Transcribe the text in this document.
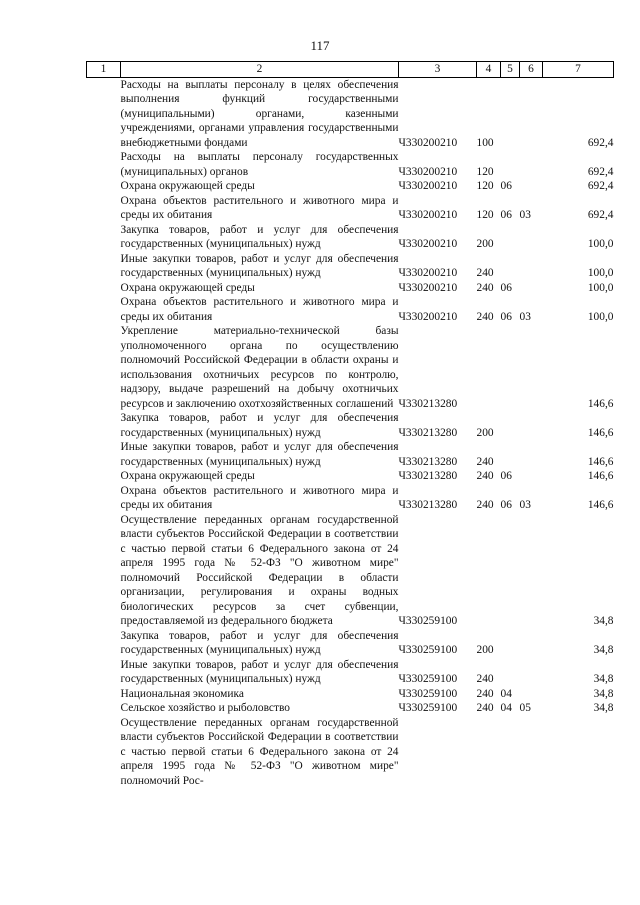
117
1	2	3	4	5	6	7
	Расходы на выплаты персоналу в целях обеспечения выполнения функций государственными (муниципальными) органами, казенными учреждениями, органами управления государственными внебюджетными фондами	Ч330200210	100			692,4
	Расходы на выплаты персоналу государственных (муниципальных) органов	Ч330200210	120			692,4
	Охрана окружающей среды	Ч330200210	120	06		692,4
	Охрана объектов растительного и животного мира и среды их обитания	Ч330200210	120	06	03	692,4
	Закупка товаров, работ и услуг для обеспечения государственных (муниципальных) нужд	Ч330200210	200			100,0
	Иные закупки товаров, работ и услуг для обеспечения государственных (муниципальных) нужд	Ч330200210	240			100,0
	Охрана окружающей среды	Ч330200210	240	06		100,0
	Охрана объектов растительного и животного мира и среды их обитания	Ч330200210	240	06	03	100,0
	Укрепление материально-технической базы уполномоченного органа по осуществлению полномочий Российской Федерации в области охраны и использования охотничьих ресурсов по контролю, надзору, выдаче разрешений на добычу охотничьих ресурсов и заключению охотхозяйственных соглашений	Ч330213280				146,6
	Закупка товаров, работ и услуг для обеспечения государственных (муниципальных) нужд	Ч330213280	200			146,6
	Иные закупки товаров, работ и услуг для обеспечения государственных (муниципальных) нужд	Ч330213280	240			146,6
	Охрана окружающей среды	Ч330213280	240	06		146,6
	Охрана объектов растительного и животного мира и среды их обитания	Ч330213280	240	06	03	146,6
	Осуществление переданных органам государственной власти субъектов Российской Федерации в соответствии с частью первой статьи 6 Федерального закона от 24 апреля 1995 года № 52-ФЗ "О животном мире" полномочий Российской Федерации в области организации, регулирования и охраны водных биологических ресурсов за счет субвенции, предоставляемой из федерального бюджета	Ч330259100				34,8
	Закупка товаров, работ и услуг для обеспечения государственных (муниципальных) нужд	Ч330259100	200			34,8
	Иные закупки товаров, работ и услуг для обеспечения государственных (муниципальных) нужд	Ч330259100	240			34,8
	Национальная экономика	Ч330259100	240	04		34,8
	Сельское хозяйство и рыболовство	Ч330259100	240	04	05	34,8
	Осуществление переданных органам государственной власти субъектов Российской Федерации в соответствии с частью первой статьи 6 Федерального закона от 24 апреля 1995 года № 52-ФЗ "О животном мире" полномочий Рос-					
